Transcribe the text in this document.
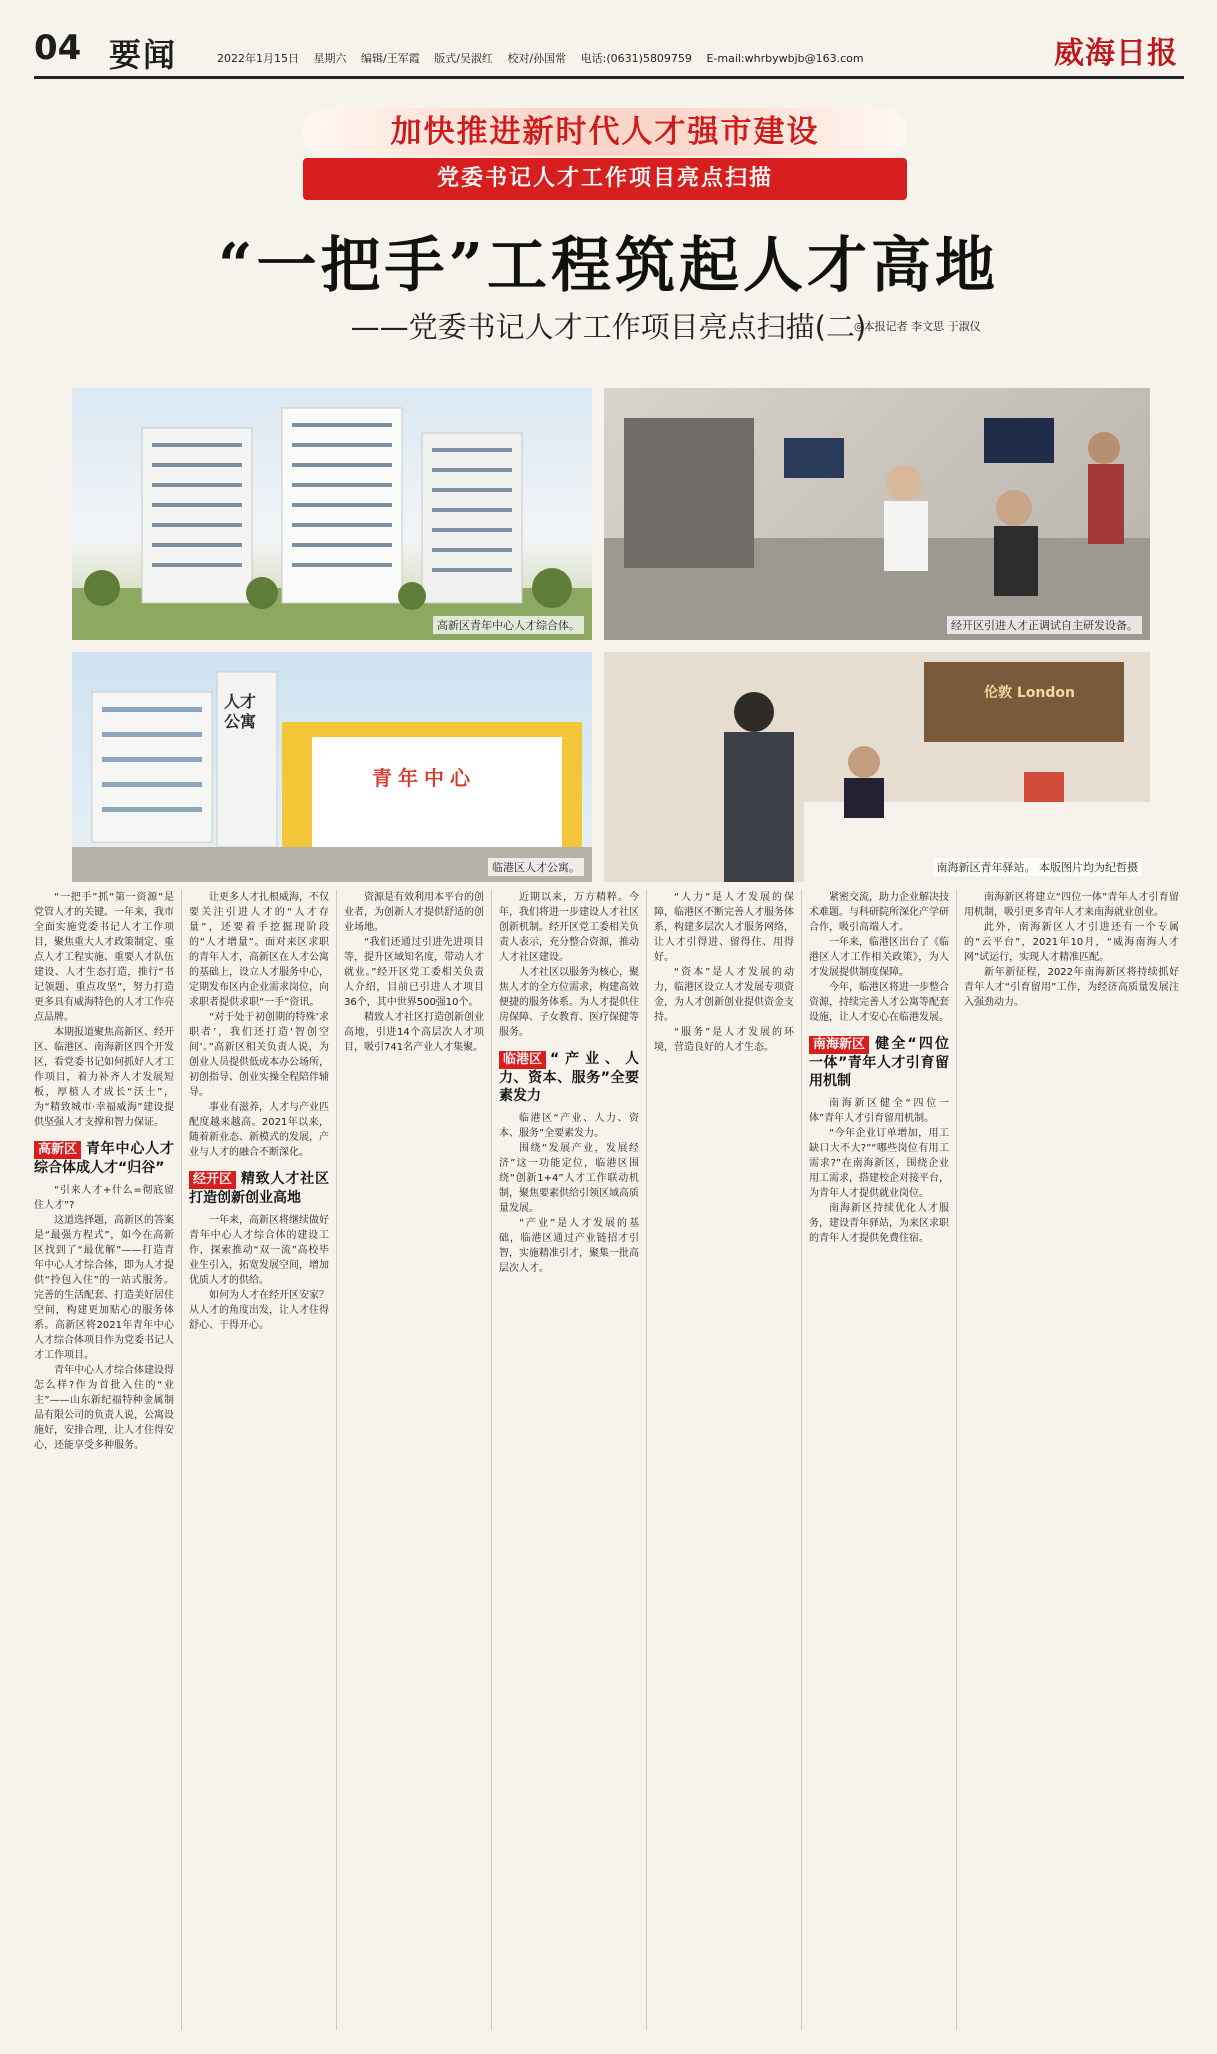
04 要闻	2022年1月15日 星期六 编辑/王军霞 版式/吴淑红 校对/孙国常 电话:(0631)5809759 E-mail:whrbywbjb@163.com	威海日报
加快推进新时代人才强市建设
党委书记人才工作项目亮点扫描
“一把手”工程筑起人才高地
——党委书记人才工作项目亮点扫描(二)
◎本报记者 李文思 于淑仪
高新区青年中心人才综合体。	经开区引进人才正调试自主研发设备。
人才公寓
青年中心
临港区人才公寓。
伦敦 London
南海新区青年驿站。 本版图片均为纪哲摄

“一把手”抓“第一资源”是党管人才的关键。一年来，我市全面实施党委书记人才工作项目，聚焦重大人才政策制定、重点人才工程实施、重要人才队伍建设、人才生态打造，推行“书记领题、重点攻坚”，努力打造更多具有威海特色的人才工作亮点品牌。

本期报道聚焦高新区、经开区、临港区、南海新区四个开发区，看党委书记如何抓好人才工作项目，着力补齐人才发展短板，厚植人才成长“沃土”，为“精致城市·幸福威海”建设提供坚强人才支撑和智力保证。

高新区 青年中心人才综合体成人才“归谷”

“引来人才+什么=彻底留住人才”?

这道选择题，高新区的答案是“最强方程式”，如今在高新区找到了“最优解”——打造青年中心人才综合体，即为人才提供“拎包入住”的一站式服务。完善的生活配套、打造美好居住空间，构建更加贴心的服务体系。高新区将2021年青年中心人才综合体项目作为党委书记人才工作项目。

青年中心人才综合体建设得怎么样?作为首批入住的“业主”——山东新纪福特种金属制品有限公司的负责人说，公寓设施好，安排合理，让人才住得安心，还能享受多种服务。

让更多人才扎根威海，不仅要关注引进人才的“人才存量”，还要着手挖掘现阶段的“人才增量”。面对来区求职的青年人才，高新区在人才公寓的基础上，设立人才服务中心，定期发布区内企业需求岗位，向求职者提供求职“一手”资讯。

“对于处于初创期的特殊‘求职者’，我们还打造‘智创空间’。”高新区相关负责人说，为创业人员提供低成本办公场所，初创指导、创业实操全程陪伴辅导。

事业有滋养，人才与产业匹配度越来越高。2021年以来，随着新业态、新模式的发展，产业与人才的融合不断深化。

经开区 精致人才社区打造创新创业高地

一年来，高新区将继续做好青年中心人才综合体的建设工作，探索推动“双一流”高校毕业生引入，拓宽发展空间，增加优质人才的供给。

如何为人才在经开区安家？从人才的角度出发，让人才住得舒心、干得开心。

资源是有效利用本平台的创业者，为创新人才提供舒适的创业场地。

“我们还通过引进先进项目等，提升区域知名度，带动人才就业。”经开区党工委相关负责人介绍，目前已引进人才项目36个，其中世界500强10个。

精致人才社区打造创新创业高地，引进14个高层次人才项目，吸引741名产业人才集聚。

近期以来，万方精粹。今年，我们将进一步建设人才社区创新机制。经开区党工委相关负责人表示，充分整合资源，推动人才社区建设。

人才社区以服务为核心，聚焦人才的全方位需求，构建高效便捷的服务体系。为人才提供住房保障、子女教育、医疗保健等服务。

临港区 “产业、人力、资本、服务”全要素发力

临港区“产业、人力、资本、服务”全要素发力。

围绕“发展产业，发展经济”这一功能定位，临港区围绕“创新1+4”人才工作联动机制，聚焦要素供给引领区域高质量发展。

“产业”是人才发展的基础，临港区通过产业链招才引智，实施精准引才，聚集一批高层次人才。

“人力”是人才发展的保障，临港区不断完善人才服务体系，构建多层次人才服务网络，让人才引得进、留得住、用得好。

“资本”是人才发展的动力，临港区设立人才发展专项资金，为人才创新创业提供资金支持。

“服务”是人才发展的环境，营造良好的人才生态。

紧密交流，助力企业解决技术难题。与科研院所深化产学研合作，吸引高端人才。

一年来，临港区出台了《临港区人才工作相关政策》，为人才发展提供制度保障。

今年，临港区将进一步整合资源，持续完善人才公寓等配套设施，让人才安心在临港发展。

南海新区 健全“四位一体”青年人才引育留用机制

南海新区健全“四位一体”青年人才引育留用机制。

“今年企业订单增加，用工缺口大不大?”“哪些岗位有用工需求?”在南海新区，围绕企业用工需求，搭建校企对接平台，为青年人才提供就业岗位。

南海新区持续优化人才服务，建设青年驿站，为来区求职的青年人才提供免费住宿。

南海新区将建立“四位一体”青年人才引育留用机制，吸引更多青年人才来南海就业创业。

此外，南海新区人才引进还有一个专属的“云平台”，2021年10月，“威海南海人才网”试运行，实现人才精准匹配。

新年新征程，2022年南海新区将持续抓好青年人才“引育留用”工作，为经济高质量发展注入强劲动力。
